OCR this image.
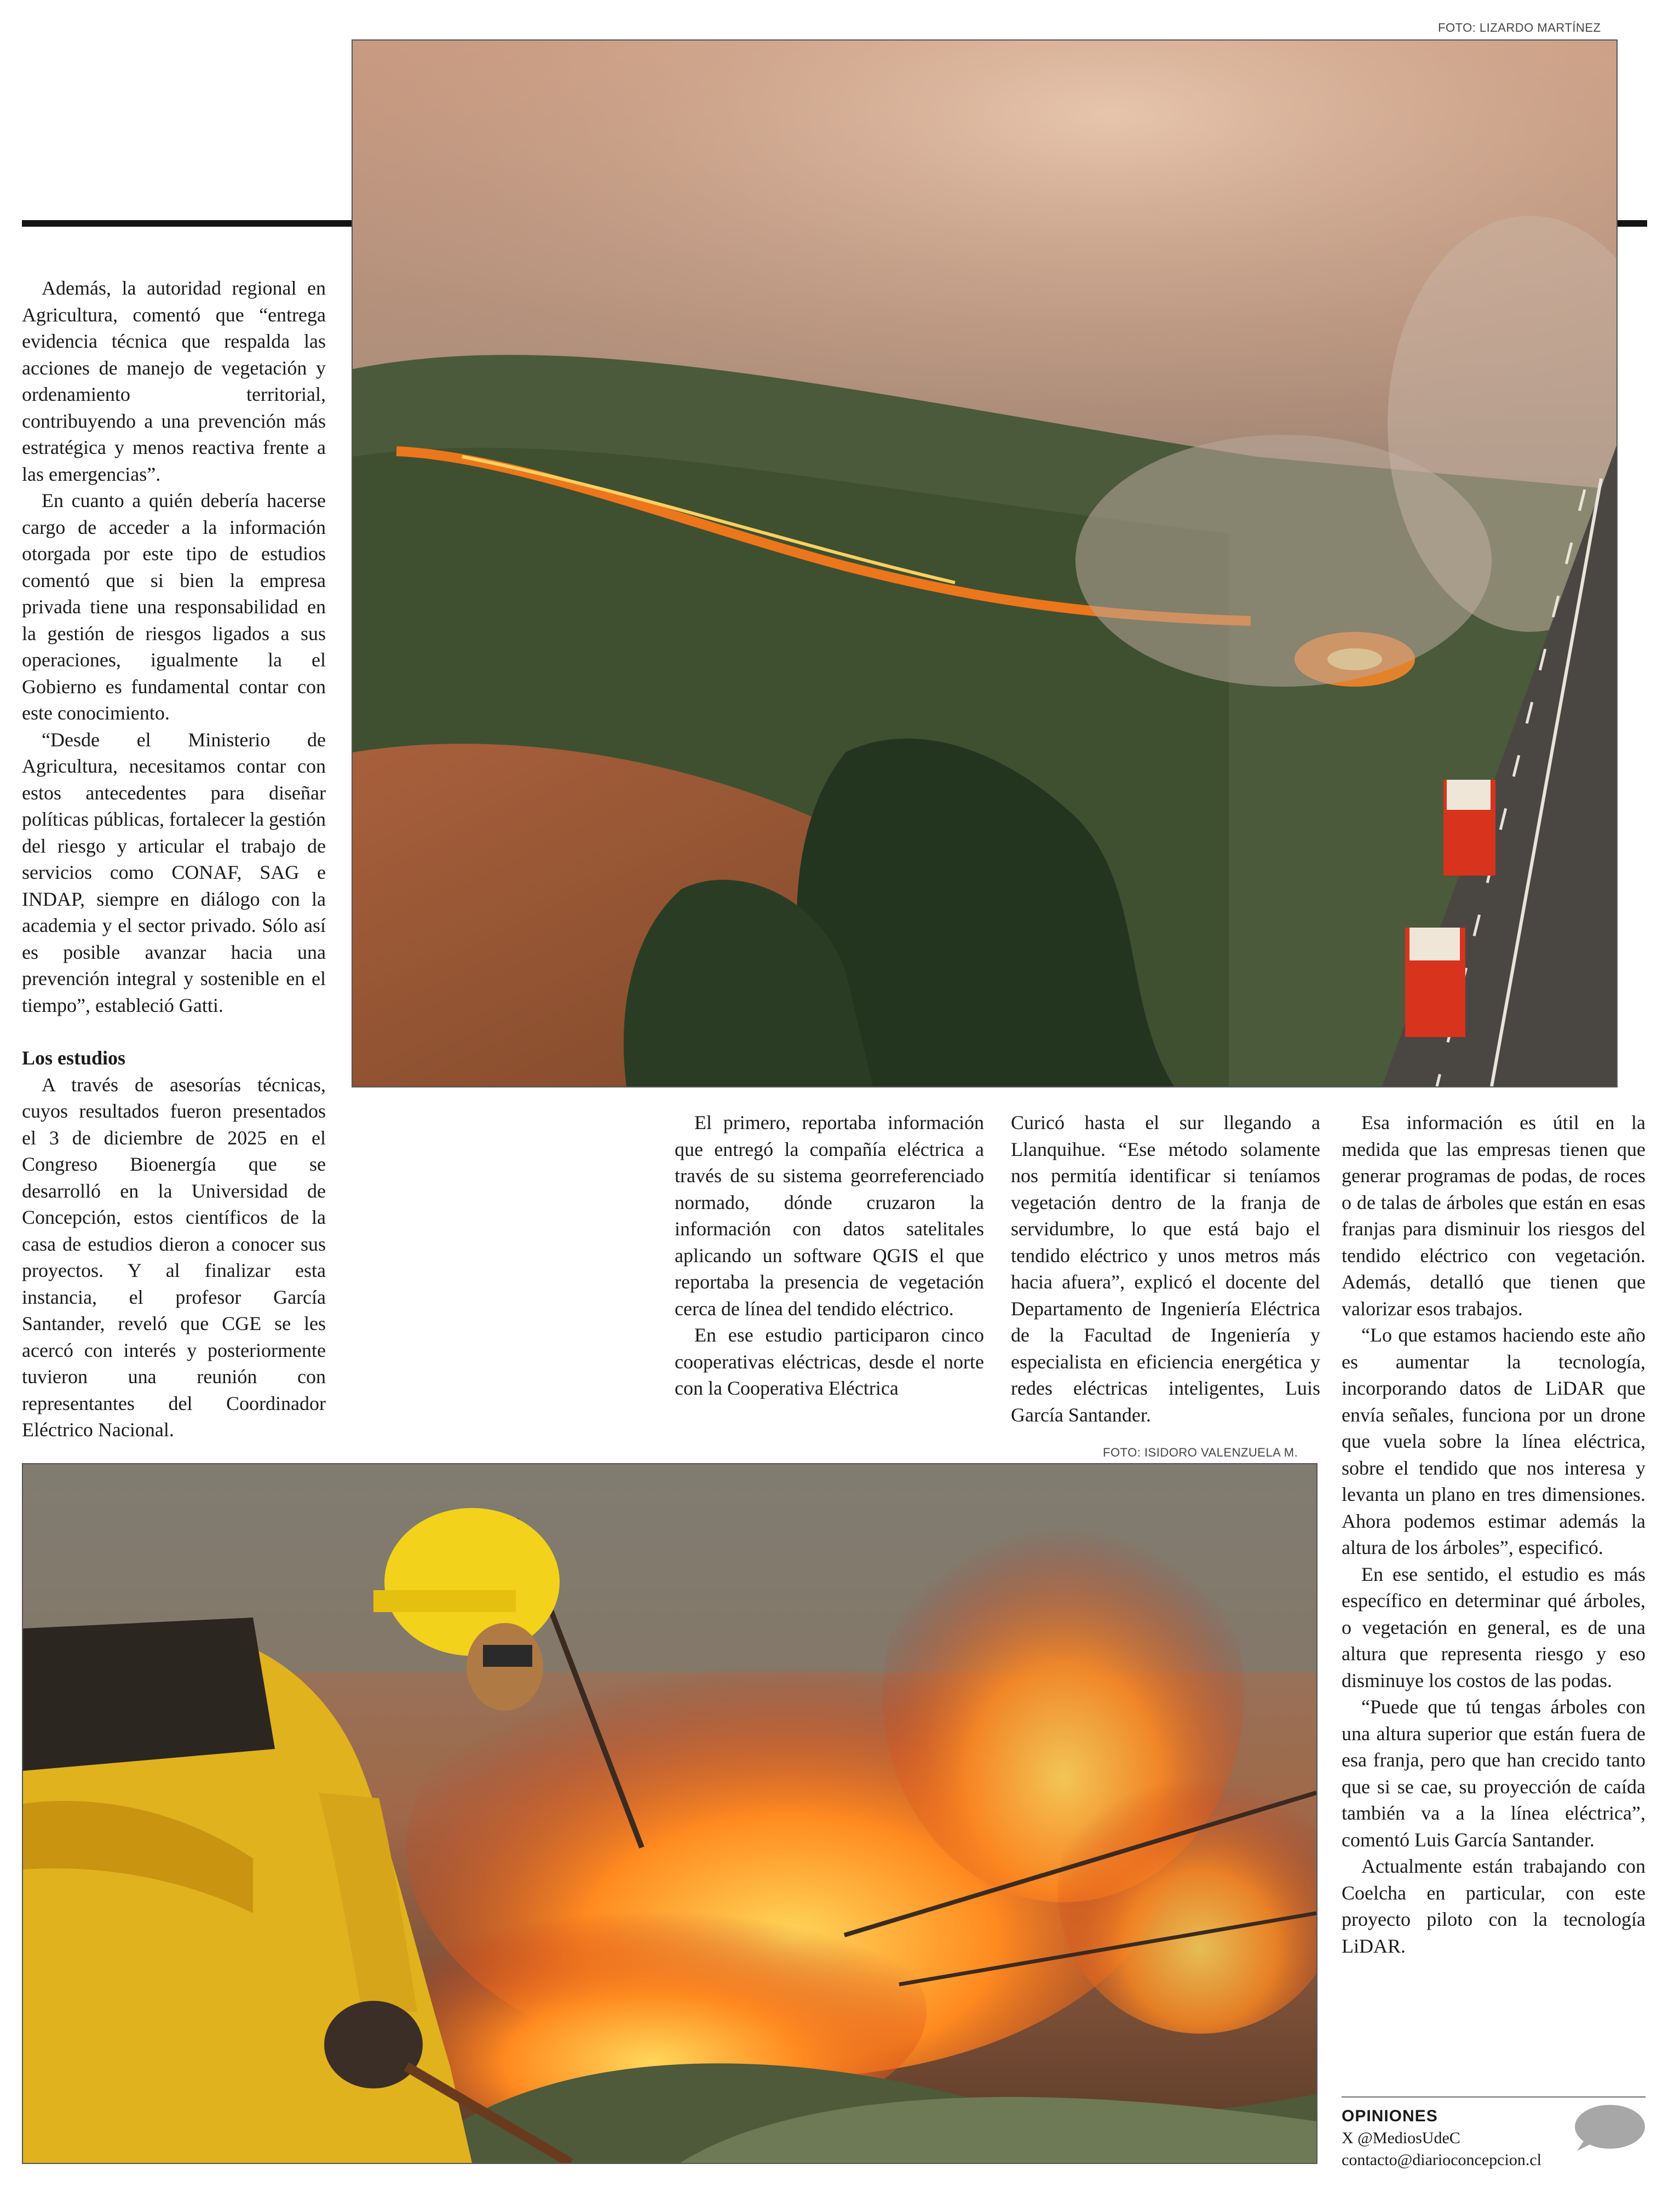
FOTO: LIZARDO MARTÍNEZ

Además, la autoridad regional en Agricultura, comentó que “entrega evidencia técnica que respalda las acciones de manejo de vegetación y ordenamiento territorial, contribuyendo a una prevención más estratégica y menos reactiva frente a las emergencias”.

En cuanto a quién debería hacerse cargo de acceder a la información otorgada por este tipo de estudios comentó que si bien la empresa privada tiene una responsabilidad en la gestión de riesgos ligados a sus operaciones, igualmente la el Gobierno es fundamental contar con este conocimiento.

“Desde el Ministerio de Agricultura, necesitamos contar con estos antecedentes para diseñar políticas públicas, fortalecer la gestión del riesgo y articular el trabajo de servicios como CONAF, SAG e INDAP, siempre en diálogo con la academia y el sector privado. Sólo así es posible avanzar hacia una prevención integral y sostenible en el tiempo”, estableció Gatti.

Los estudios

A través de asesorías técnicas, cuyos resultados fueron presentados el 3 de diciembre de 2025 en el Congreso Bioenergía que se desarrolló en la Universidad de Concepción, estos científicos de la casa de estudios dieron a conocer sus proyectos. Y al finalizar esta instancia, el profesor García Santander, reveló que CGE se les acercó con interés y posteriormente tuvieron una reunión con representantes del Coordinador Eléctrico Nacional.

El primero, reportaba información que entregó la compañía eléctrica a través de su sistema georreferenciado normado, dónde cruzaron la información con datos satelitales aplicando un software QGIS el que reportaba la presencia de vegetación cerca de línea del tendido eléctrico.

En ese estudio participaron cinco cooperativas eléctricas, desde el norte con la Cooperativa Eléctrica

Curicó hasta el sur llegando a Llanquihue. “Ese método solamente nos permitía identificar si teníamos vegetación dentro de la franja de servidumbre, lo que está bajo el tendido eléctrico y unos metros más hacia afuera”, explicó el docente del Departamento de Ingeniería Eléctrica de la Facultad de Ingeniería y especialista en eficiencia energética y redes eléctricas inteligentes, Luis García Santander.

FOTO: ISIDORO VALENZUELA M.

Esa información es útil en la medida que las empresas tienen que generar programas de podas, de roces o de talas de árboles que están en esas franjas para disminuir los riesgos del tendido eléctrico con vegetación. Además, detalló que tienen que valorizar esos trabajos.

“Lo que estamos haciendo este año es aumentar la tecnología, incorporando datos de LiDAR que envía señales, funciona por un drone que vuela sobre la línea eléctrica, sobre el tendido que nos interesa y levanta un plano en tres dimensiones. Ahora podemos estimar además la altura de los árboles”, especificó.

En ese sentido, el estudio es más específico en determinar qué árboles, o vegetación en general, es de una altura que representa riesgo y eso disminuye los costos de las podas.

“Puede que tú tengas árboles con una altura superior que están fuera de esa franja, pero que han crecido tanto que si se cae, su proyección de caída también va a la línea eléctrica”, comentó Luis García Santander.

Actualmente están trabajando con Coelcha en particular, con este proyecto piloto con la tecnología LiDAR.

OPINIONES
X @MediosUdeC
contacto@diarioconcepcion.cl
